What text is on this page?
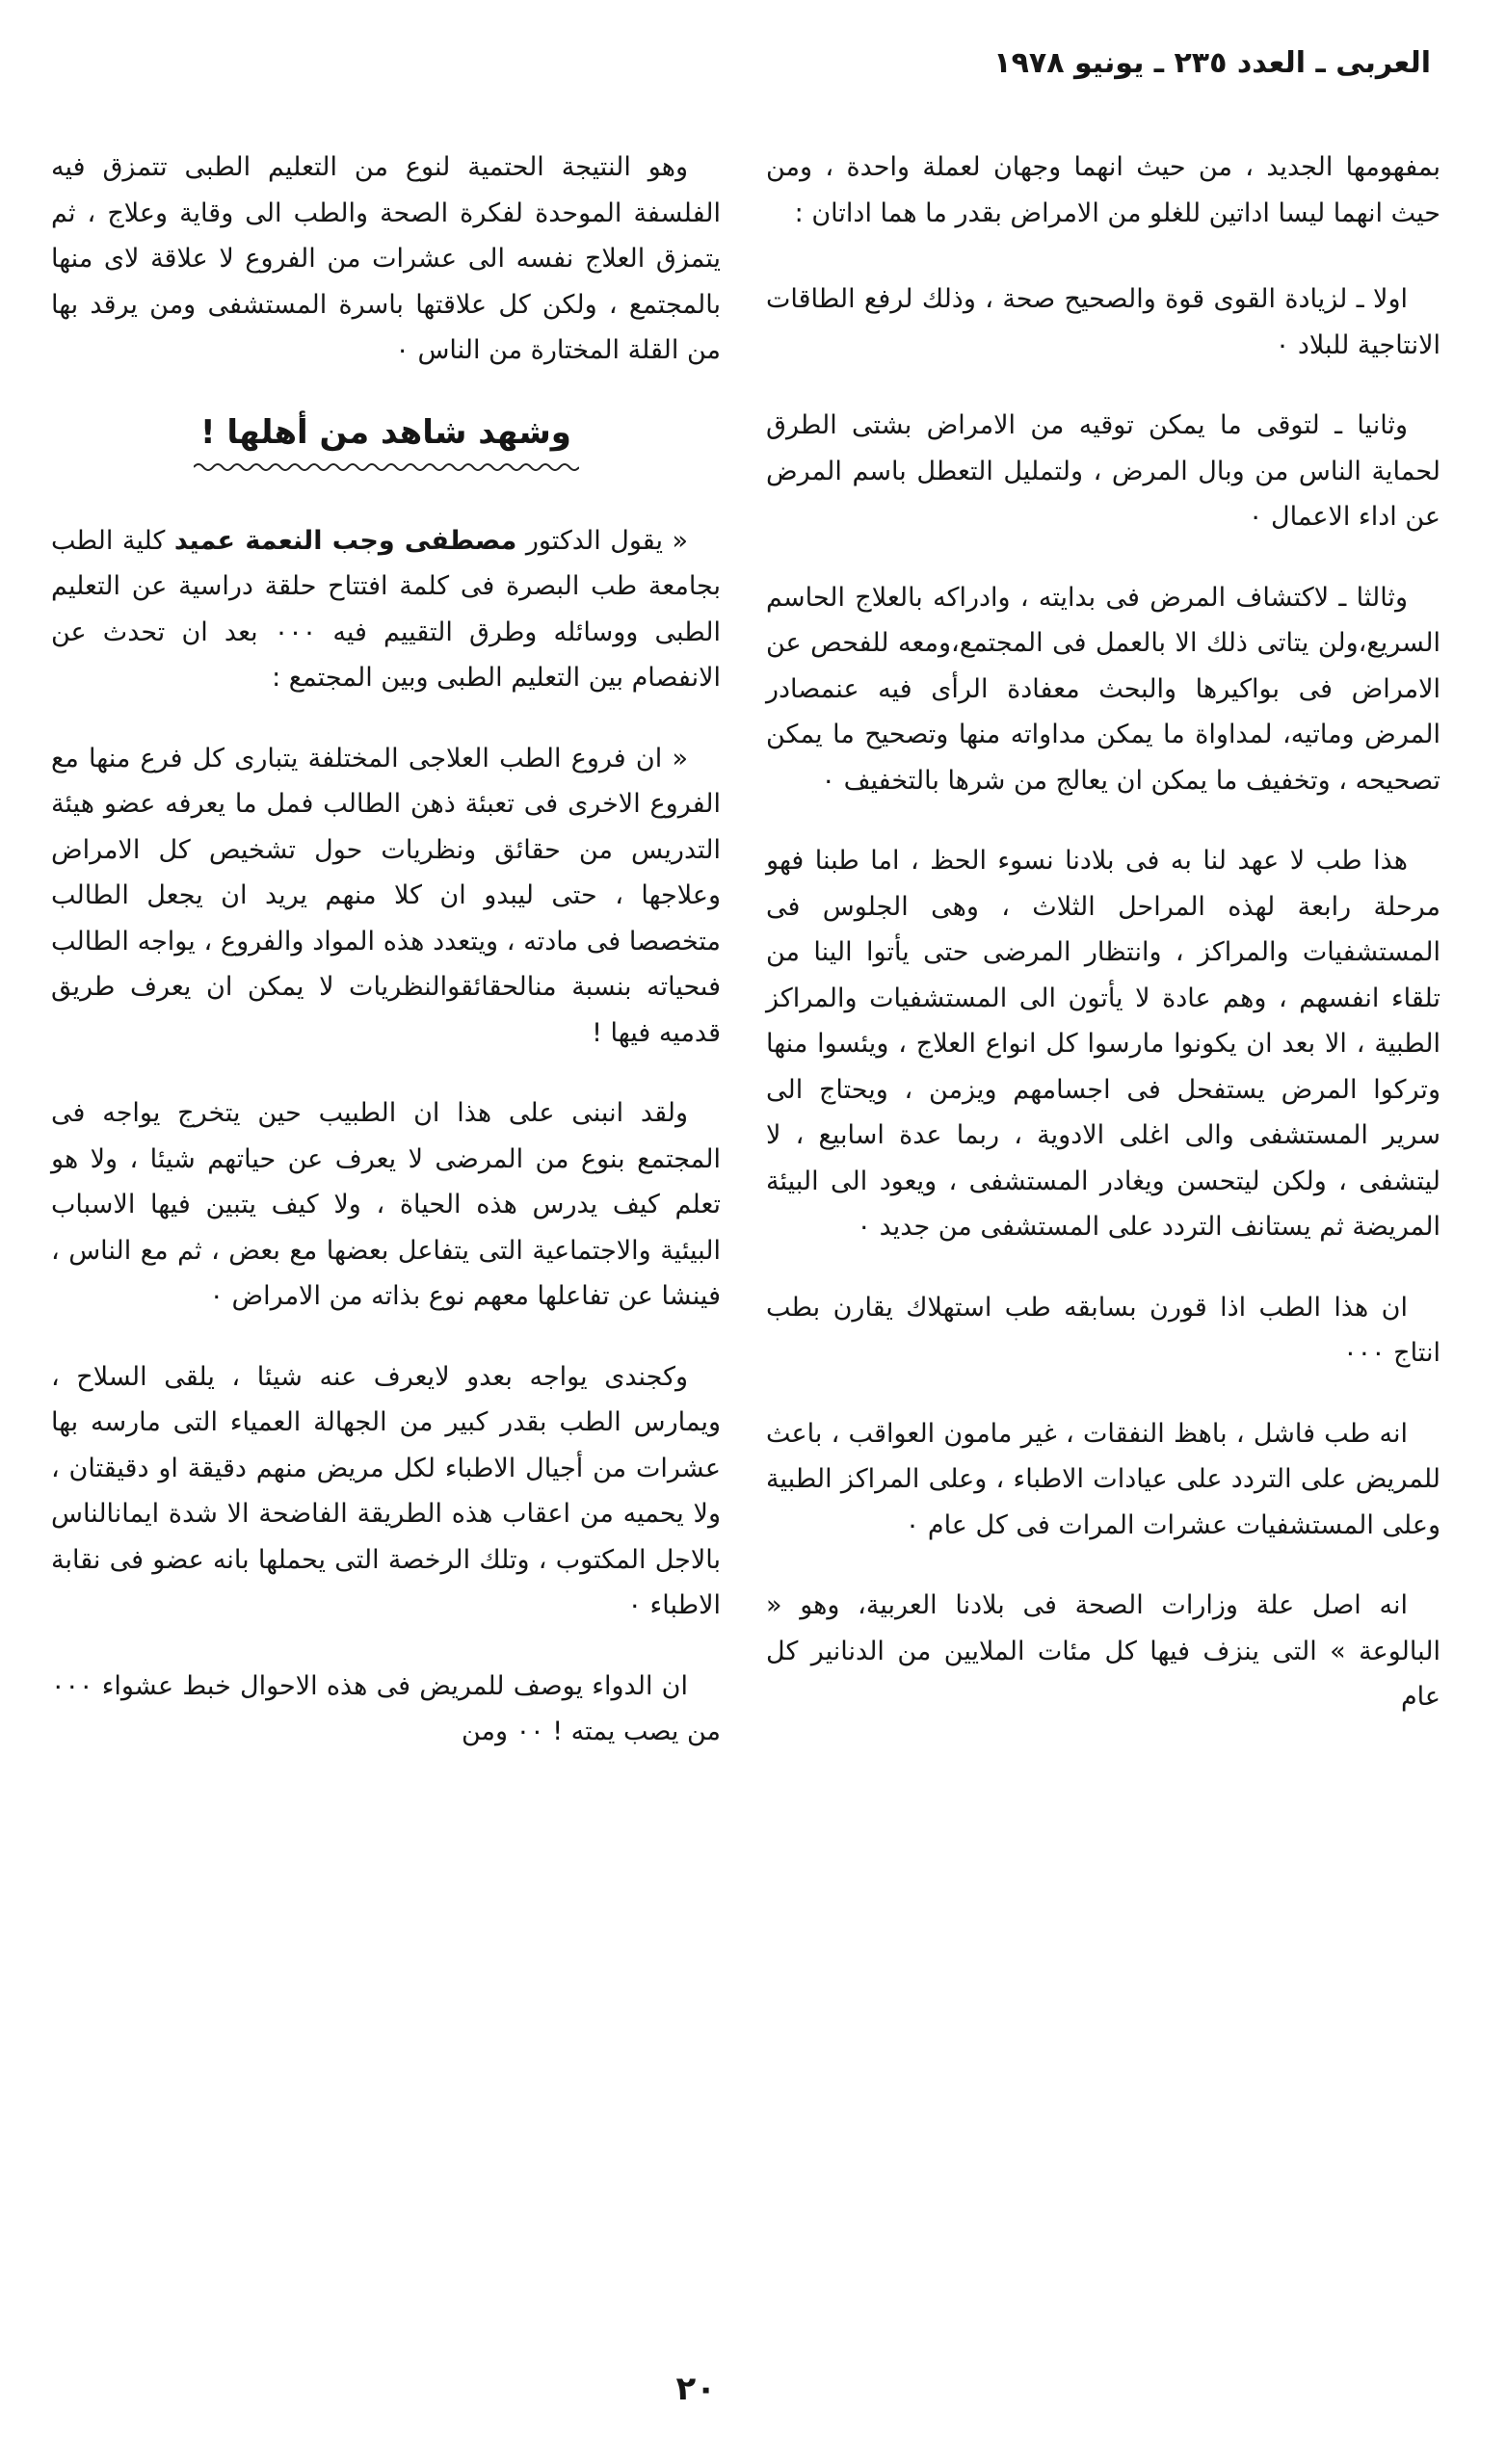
العربى ـ العدد ٢٣٥ ـ يونيو ١٩٧٨

بمفهومها الجديد ، من حيث انهما وجهان لعملة واحدة ، ومن حيث انهما ليسا اداتين للغلو من الامراض بقدر ما هما اداتان :

اولا ـ لزيادة القوى قوة والصحيح صحة ، وذلك لرفع الطاقات الانتاجية للبلاد ٠

وثانيا ـ لتوقى ما يمكن توقيه من الامراض بشتى الطرق لحماية الناس من وبال المرض ، ولتمليل التعطل باسم المرض عن اداء الاعمال ٠

وثالثا ـ لاكتشاف المرض فى بدايته ، وادراكه بالعلاج الحاسم السريع،ولن يتاتى ذلك الا بالعمل فى المجتمع،ومعه للفحص عن الامراض فى بواكيرها والبحث معفادة الرأى فيه عنمصادر المرض وماتيه، لمداواة ما يمكن مداواته منها وتصحيح ما يمكن تصحيحه ، وتخفيف ما يمكن ان يعالج من شرها بالتخفيف ٠

هذا طب لا عهد لنا به فى بلادنا نسوء الحظ ، اما طبنا فهو مرحلة رابعة لهذه المراحل الثلاث ، وهى الجلوس فى المستشفيات والمراكز ، وانتظار المرضى حتى يأتوا الينا من تلقاء انفسهم ، وهم عادة لا يأتون الى المستشفيات والمراكز الطبية ، الا بعد ان يكونوا مارسوا كل انواع العلاج ، ويئسوا منها وتركوا المرض يستفحل فى اجسامهم ويزمن ، ويحتاج الى سرير المستشفى والى اغلى الادوية ، ربما عدة اسابيع ، لا ليتشفى ، ولكن ليتحسن ويغادر المستشفى ، ويعود الى البيئة المريضة ثم يستانف التردد على المستشفى من جديد ٠

ان هذا الطب اذا قورن بسابقه طب استهلاك يقارن بطب انتاج ٠٠٠

انه طب فاشل ، باهظ النفقات ، غير مامون العواقب ، باعث للمريض على التردد على عيادات الاطباء ، وعلى المراكز الطبية وعلى المستشفيات عشرات المرات فى كل عام ٠

انه اصل علة وزارات الصحة فى بلادنا العربية، وهو « البالوعة » التى ينزف فيها كل مئات الملايين من الدنانير كل عام

وهو النتيجة الحتمية لنوع من التعليم الطبى تتمزق فيه الفلسفة الموحدة لفكرة الصحة والطب الى وقاية وعلاج ، ثم يتمزق العلاج نفسه الى عشرات من الفروع لا علاقة لاى منها بالمجتمع ، ولكن كل علاقتها باسرة المستشفى ومن يرقد بها من القلة المختارة من الناس ٠

وشهد شاهد من أهلها !

« يقول الدكتور مصطفى وجب النعمة عميد كلية الطب بجامعة طب البصرة فى كلمة افتتاح حلقة دراسية عن التعليم الطبى ووسائله وطرق التقييم فيه ٠٠٠ بعد ان تحدث عن الانفصام بين التعليم الطبى وبين المجتمع :

« ان فروع الطب العلاجى المختلفة يتبارى كل فرع منها مع الفروع الاخرى فى تعبئة ذهن الطالب فمل ما يعرفه عضو هيئة التدريس من حقائق ونظريات حول تشخيص كل الامراض وعلاجها ، حتى ليبدو ان كلا منهم يريد ان يجعل الطالب متخصصا فى مادته ، ويتعدد هذه المواد والفروع ، يواجه الطالب فىحياته بنسبة منالحقائقوالنظريات لا يمكن ان يعرف طريق قدميه فيها !

ولقد انبنى على هذا ان الطبيب حين يتخرج يواجه فى المجتمع بنوع من المرضى لا يعرف عن حياتهم شيئا ، ولا هو تعلم كيف يدرس هذه الحياة ، ولا كيف يتبين فيها الاسباب البيئية والاجتماعية التى يتفاعل بعضها مع بعض ، ثم مع الناس ، فينشا عن تفاعلها معهم نوع بذاته من الامراض ٠

وكجندى يواجه بعدو لايعرف عنه شيئا ، يلقى السلاح ، ويمارس الطب بقدر كبير من الجهالة العمياء التى مارسه بها عشرات من أجيال الاطباء لكل مريض منهم دقيقة او دقيقتان ، ولا يحميه من اعقاب هذه الطريقة الفاضحة الا شدة ايمانالناس بالاجل المكتوب ، وتلك الرخصة التى يحملها بانه عضو فى نقابة الاطباء ٠

ان الدواء يوصف للمريض فى هذه الاحوال خبط عشواء ٠٠٠ من يصب يمته ! ٠٠ ومن

٢٠
